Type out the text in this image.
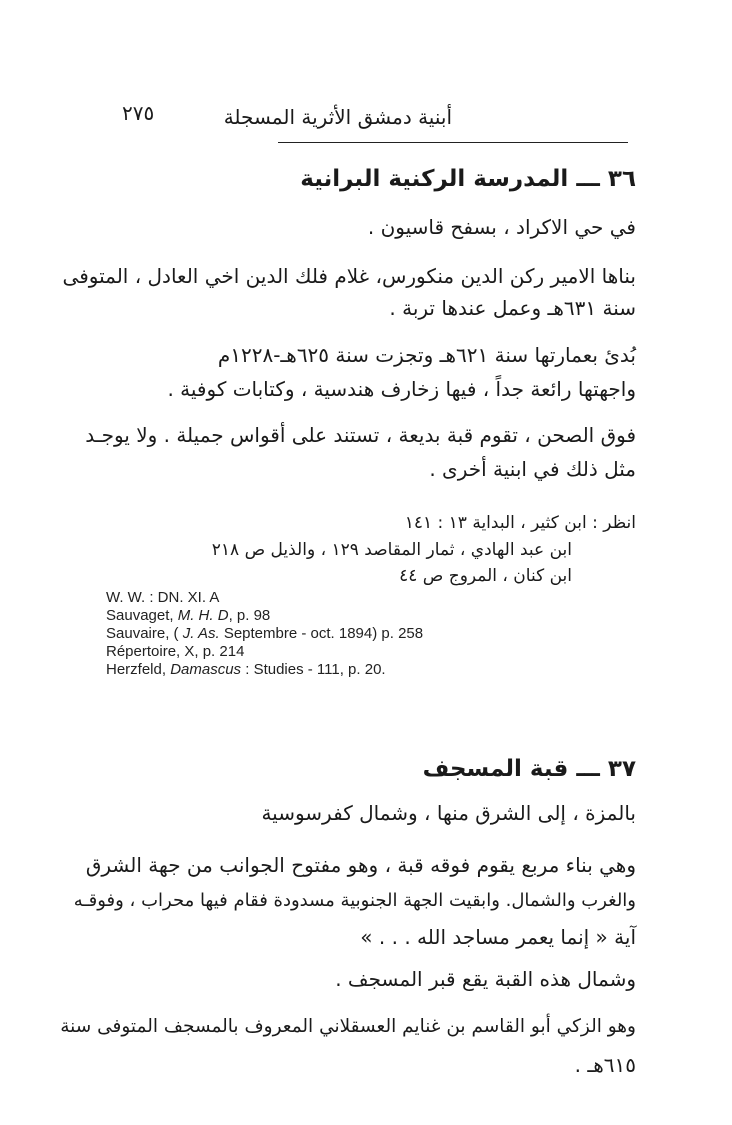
٢٧٥	أبنية دمشق الأثرية المسجلة
٣٦ ـــ المدرسة الركنية البرانية
في حي الاكراد ، بسفح قاسيون .
بناها الامير ركن الدين منكورس، غلام فلك الدين اخي العادل ، المتوفى
سنة ٦٣١هـ وعمل عندها تربة .
بُدئ بعمارتها سنة ٦٢١هـ وتجزت سنة ٦٢٥هـ-١٢٢٨م
واجهتها رائعة جداً ، فيها زخارف هندسية ، وكتابات كوفية .
فوق الصحن ، تقوم قبة بديعة ، تستند على أقواس جميلة . ولا يوجـد
مثل ذلك في ابنية أخرى .
انظر : ابن كثير ، البداية ١٣ : ١٤١
ابن عبد الهادي ، ثمار المقاصد ١٢٩ ، والذيل ص ٢١٨
ابن كنان ، المروج ص ٤٤
W. W. : DN. XI. A
Sauvaget, M. H. D, p. 98
Sauvaire, ( J. As. Septembre - oct. 1894) p. 258
Répertoire, X, p. 214
Herzfeld, Damascus : Studies - 111, p. 20.
٣٧ ـــ قبة المسجف
بالمزة ، إلى الشرق منها ، وشمال كفرسوسية
وهي بناء مربع يقوم فوقه قبة ، وهو مفتوح الجوانب من جهة الشرق
والغرب والشمال. وابقيت الجهة الجنوبية مسدودة فقام فيها محراب ، وفوقـه
آية « إنما يعمر مساجد الله . . . »
وشمال هذه القبة يقع قبر المسجف .
وهو الزكي أبو القاسم بن غنايم العسقلاني المعروف بالمسجف المتوفى سنة
٦١٥هـ .
